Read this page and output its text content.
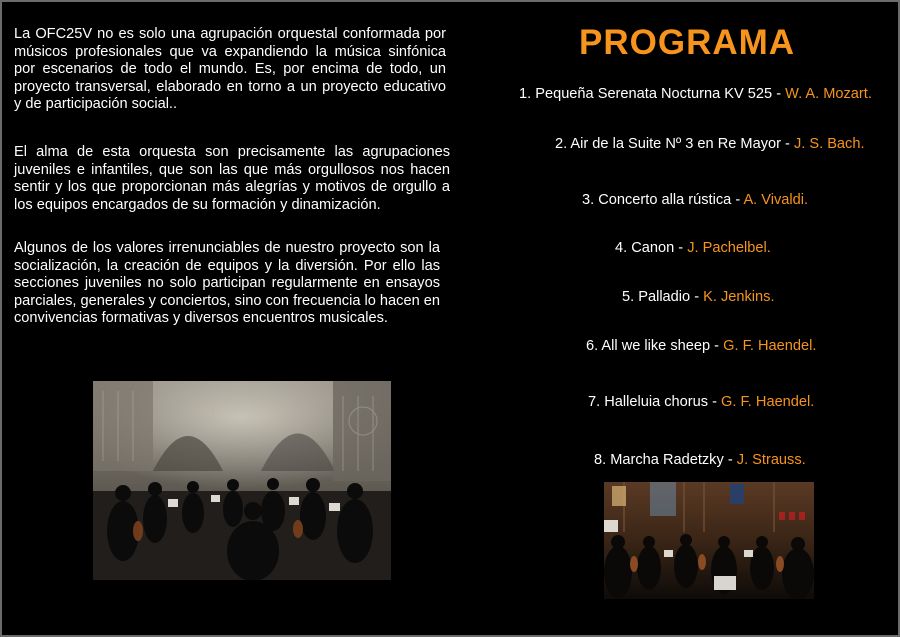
La OFC25V no es solo una agrupación orquestal conformada por músicos profesionales que va expandiendo la música sinfónica por escenarios de todo el mundo. Es, por encima de todo, un proyecto transversal, elaborado en torno a un proyecto educativo y de participación social..

El alma de esta orquesta son precisamente las agrupaciones juveniles e infantiles, que son las que más orgullosos nos hacen sentir y los que proporcionan más alegrías y motivos de orgullo a los equipos encargados de su formación y dinamización.

Algunos de los valores irrenunciables de nuestro proyecto son la socialización, la creación de equipos y la diversión. Por ello las secciones juveniles no solo participan regularmente en ensayos parciales, generales y conciertos, sino con frecuencia lo hacen en convivencias formativas y diversos encuentros musicales.

PROGRAMA
1. Pequeña Serenata Nocturna KV 525 - W. A. Mozart.
2. Air de la Suite Nº 3 en Re Mayor - J. S. Bach.
3. Concerto alla rústica - A. Vivaldi.
4. Canon - J. Pachelbel.
5. Palladio - K. Jenkins.
6. All we like sheep - G. F. Haendel.
7. Halleluia chorus - G. F. Haendel.
8. Marcha Radetzky - J. Strauss.
